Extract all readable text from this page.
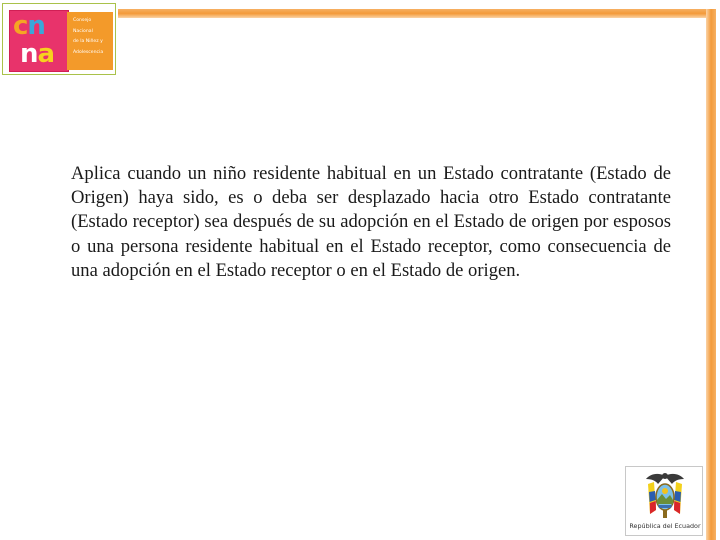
cn
na
Consejo
Nacional
de la Niñez y
Adolescencia
Aplica cuando un niño residente habitual en un Estado contratante (Estado de Origen) haya sido, es o deba ser desplazado hacia otro Estado contratante (Estado receptor) sea después de su adopción en el Estado de origen por esposos o una persona residente habitual en el Estado receptor, como consecuencia de una adopción en el Estado receptor o en el Estado de origen.
República del Ecuador
